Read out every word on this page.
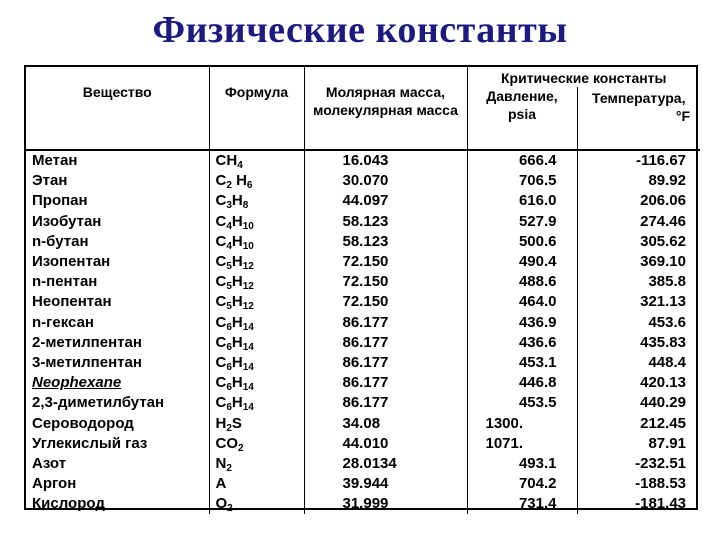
Физические константы
Вещество	Формула	Молярная масса, молекулярная масса	Критические константы	
			Давление, psia	Температура,
°F

Метан	$CH_4$	16.043	666.4	-116.67
Этан	$C_2$ $H_6$	30.070	706.5	89.92
Пропан	$C_3H_8$	44.097	616.0	206.06
Изобутан	$C_4H_{10}$	58.123	527.9	274.46
n-бутан	$C_4H_{10}$	58.123	500.6	305.62
Изопентан	$C_5H_{12}$	72.150	490.4	369.10
n-пентан	$C_5H_{12}$	72.150	488.6	385.8
Неопентан	$C_5H_{12}$	72.150	464.0	321.13
n-гексан	$C_6H_{14}$	86.177	436.9	453.6
2-метилпентан	$C_6H_{14}$	86.177	436.6	435.83
3-метилпентан	$C_6H_{14}$	86.177	453.1	448.4
Neophexane	$C_6H_{14}$	86.177	446.8	420.13
2,3-диметилбутан	$C_6H_{14}$	86.177	453.5	440.29
Сероводород	$H_2S$	34.08	1300.	212.45
Углекислый газ	$CO_2$	44.010	1071.	87.91
Азот	$N_2$	28.0134	493.1	-232.51
Аргон	A	39.944	704.2	-188.53
Кислород	$O_2$	31.999	731.4	-181.43
